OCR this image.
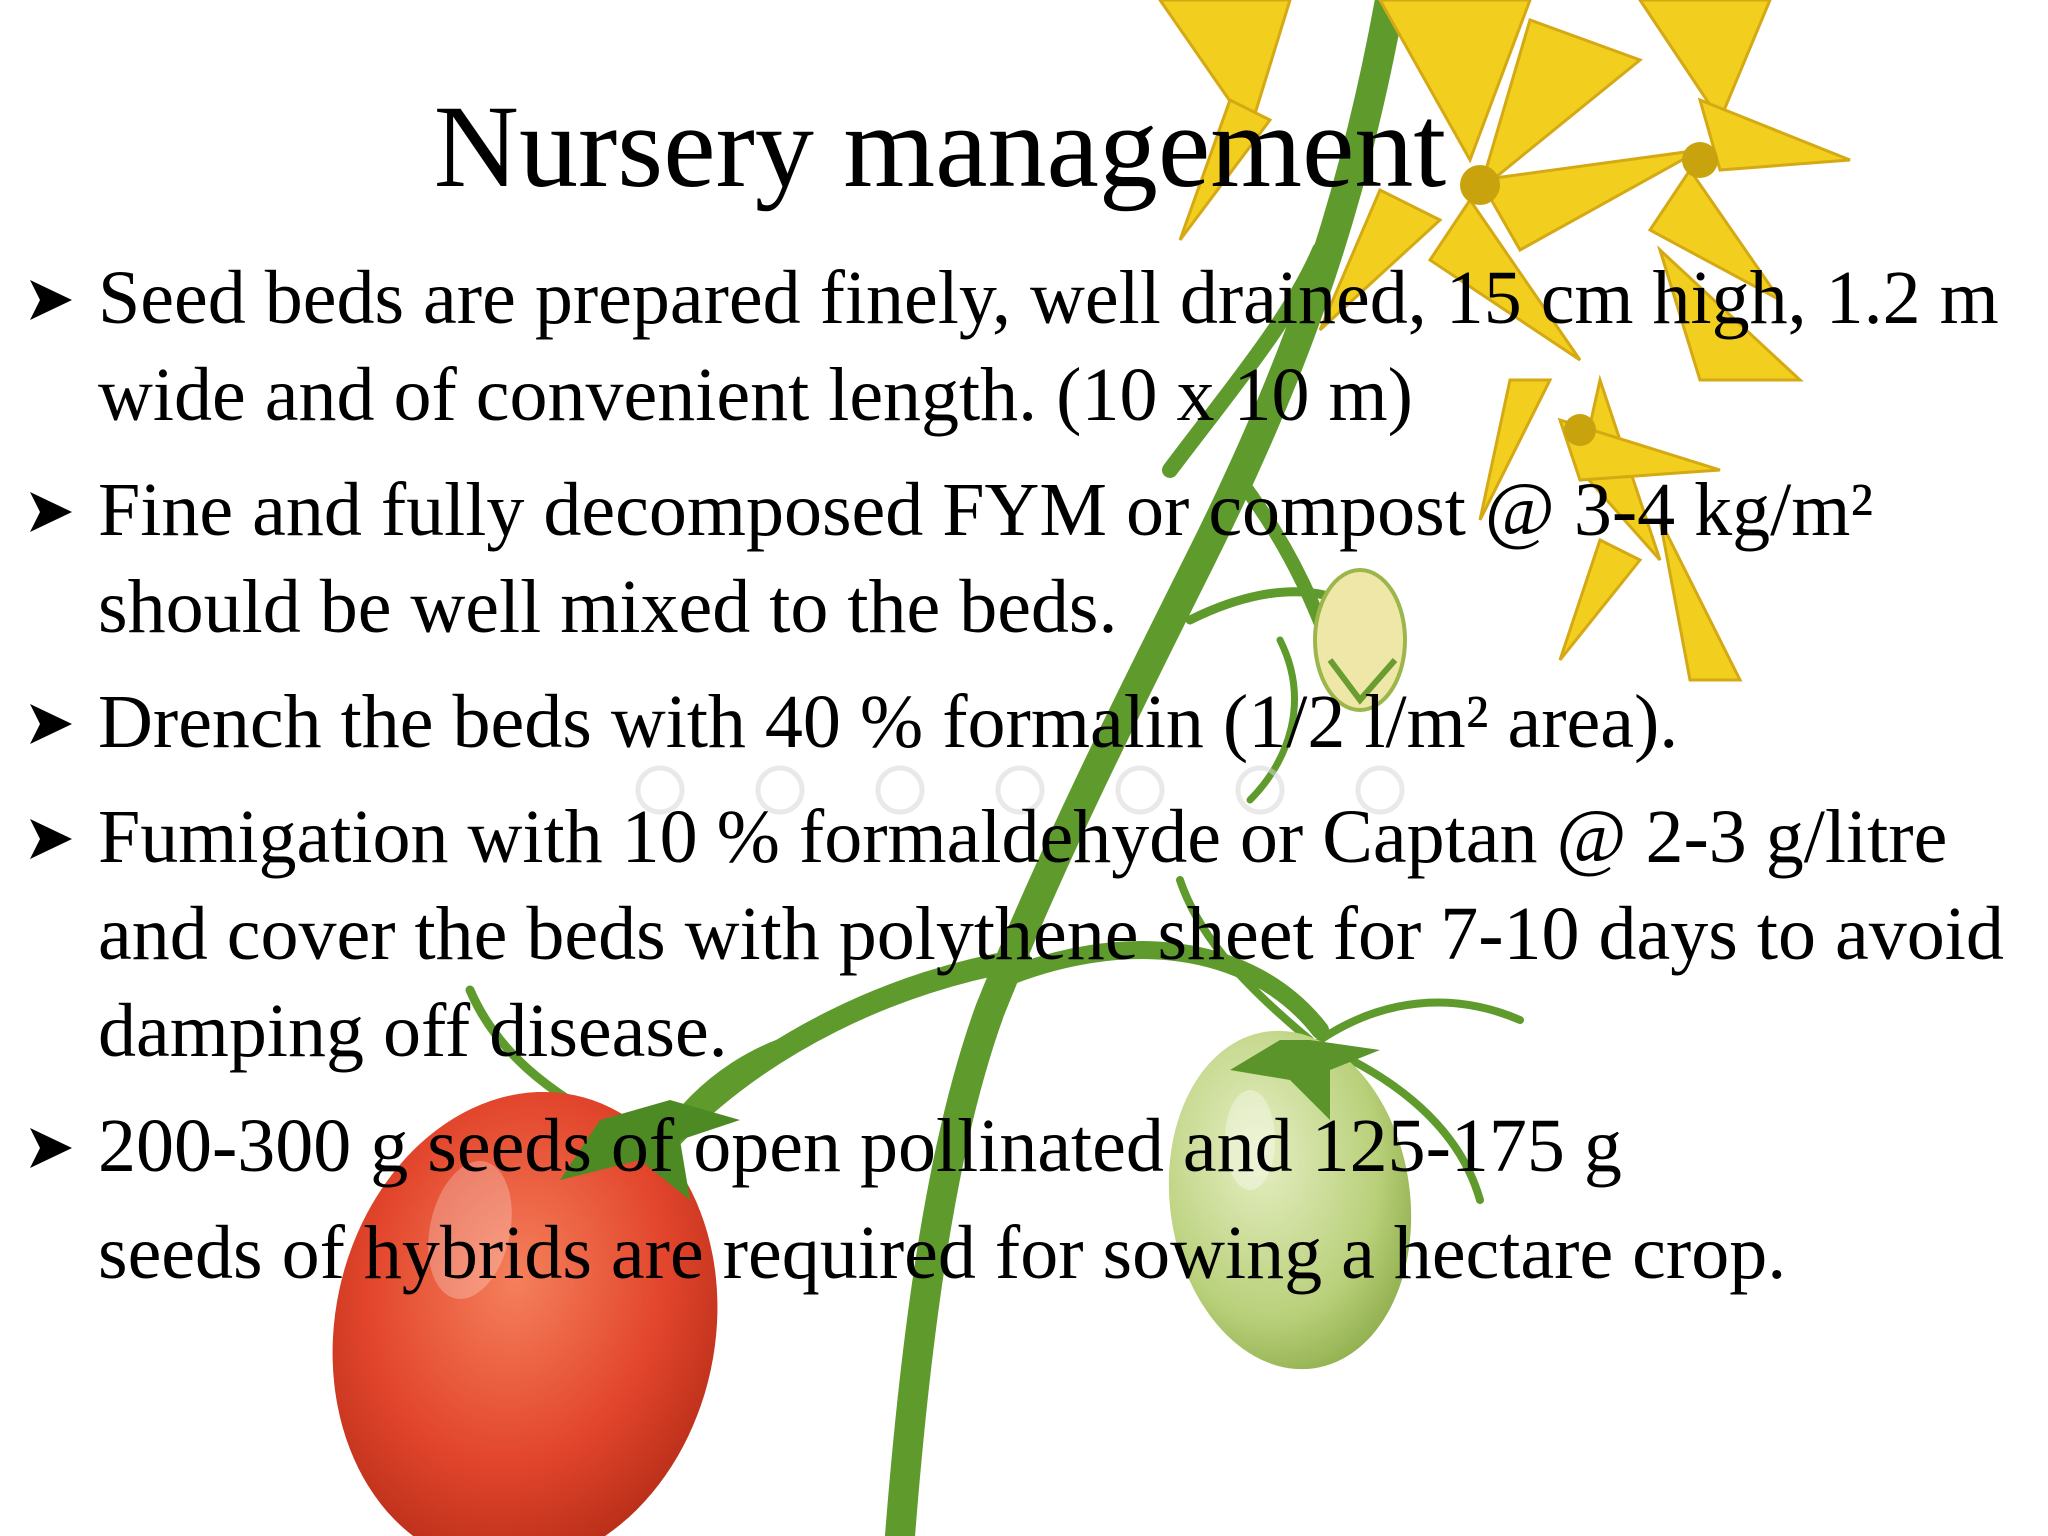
Nursery management
Seed beds are prepared finely, well drained, 15 cm high, 1.2 m wide and of convenient length. (10 x 10 m)
Fine and fully decomposed FYM or compost @ 3-4 kg/m² should be well mixed to the beds.
Drench the beds with 40 % formalin (1/2 l/m² area).
Fumigation with 10 % formaldehyde or Captan @ 2-3 g/litre and cover the beds with polythene sheet for 7-10 days to avoid damping off disease.
200-300 g seeds of open pollinated and 125-175 g
seeds of hybrids are required for sowing a hectare crop.
